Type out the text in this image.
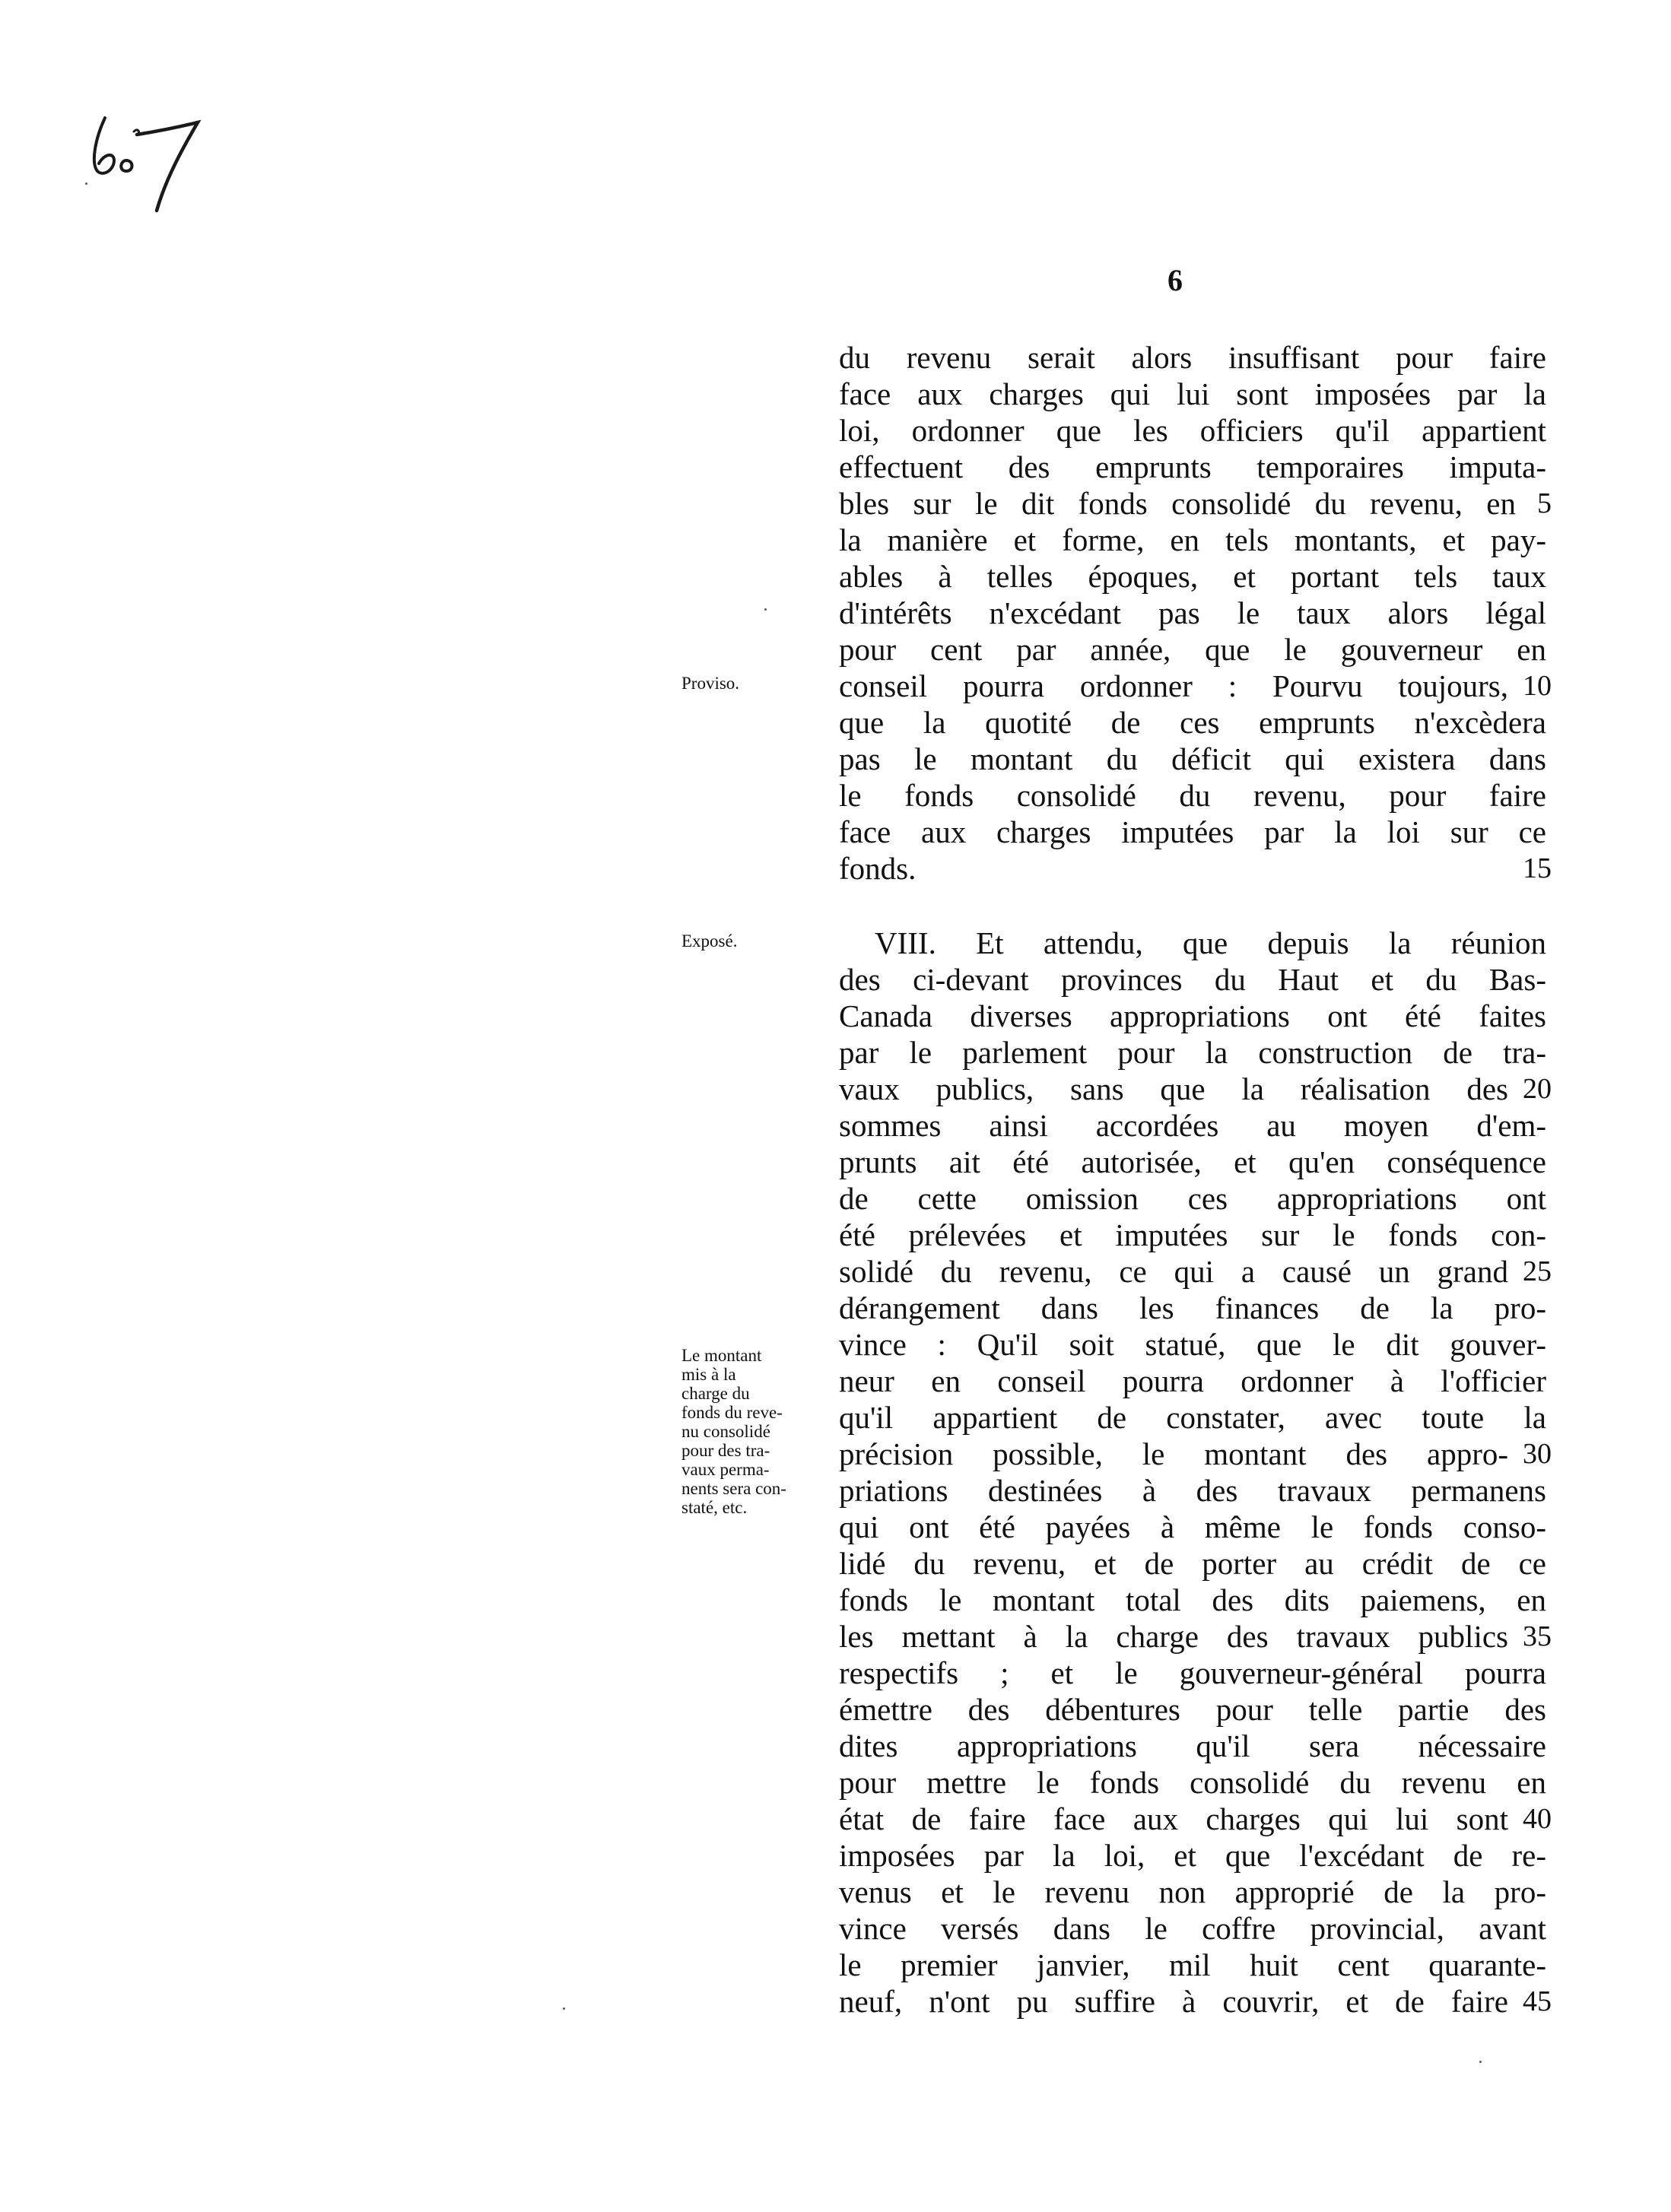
6
Proviso.
Exposé.
Le montant
mis à la
charge du
fonds du reve-
nu consolidé
pour des tra-
vaux perma-
nents sera con-
staté, etc.

du revenu serait alors insuffisant pour faire

face aux charges qui lui sont imposées par la

loi, ordonner que les officiers qu'il appartient

effectuent des emprunts temporaires imputa-

bles sur le dit fonds consolidé du revenu, en

la manière et forme, en tels montants, et pay-

ables à telles époques, et portant tels taux

d'intérêts n'excédant pas le taux alors légal

pour cent par année, que le gouverneur en

conseil pourra ordonner : Pourvu toujours,

que la quotité de ces emprunts n'excèdera

pas le montant du déficit qui existera dans

le fonds consolidé du revenu, pour faire

face aux charges imputées par la loi sur ce

fonds.

VIII. Et attendu, que depuis la réunion

des ci-devant provinces du Haut et du Bas-

Canada diverses appropriations ont été faites

par le parlement pour la construction de tra-

vaux publics, sans que la réalisation des

sommes ainsi accordées au moyen d'em-

prunts ait été autorisée, et qu'en conséquence

de cette omission ces appropriations ont

été prélevées et imputées sur le fonds con-

solidé du revenu, ce qui a causé un grand

dérangement dans les finances de la pro-

vince : Qu'il soit statué, que le dit gouver-

neur en conseil pourra ordonner à l'officier

qu'il appartient de constater, avec toute la

précision possible, le montant des appro-

priations destinées à des travaux permanens

qui ont été payées à même le fonds conso-

lidé du revenu, et de porter au crédit de ce

fonds le montant total des dits paiemens, en

les mettant à la charge des travaux publics

respectifs ; et le gouverneur-général pourra

émettre des débentures pour telle partie des

dites appropriations qu'il sera nécessaire

pour mettre le fonds consolidé du revenu en

état de faire face aux charges qui lui sont

imposées par la loi, et que l'excédant de re-

venus et le revenu non approprié de la pro-

vince versés dans le coffre provincial, avant

le premier janvier, mil huit cent quarante-

neuf, n'ont pu suffire à couvrir, et de faire

5
10
15
20
25
30
35
40
45
